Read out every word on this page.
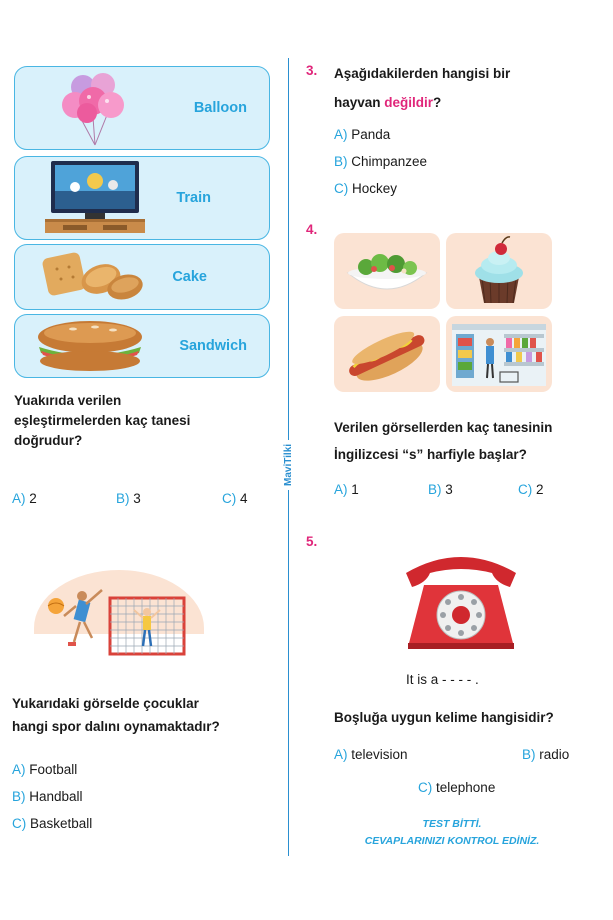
Balloon
Train
Cake
Sandwich
Yuakırıda verilen
eşleştirmelerden kaç tanesi
doğrudur?
A) 2	B) 3	C) 4
Yukarıdaki görselde çocuklar
hangi spor dalını oynamaktadır?
A) Football
B) Handball
C) Basketball
MaviTilki
3. Aşağıdakilerden hangisi bir
hayvan değildir?
A) Panda
B) Chimpanzee
C) Hockey
4.
Verilen görsellerden kaç tanesinin
İngilizcesi “s” harfiyle başlar?
A) 1	B) 3	C) 2
5.
It is a - - - - .
Boşluğa uygun kelime hangisidir?
A) television	B) radio
C) telephone
TEST BİTTİ.
CEVAPLARINIZI KONTROL EDİNİZ.
